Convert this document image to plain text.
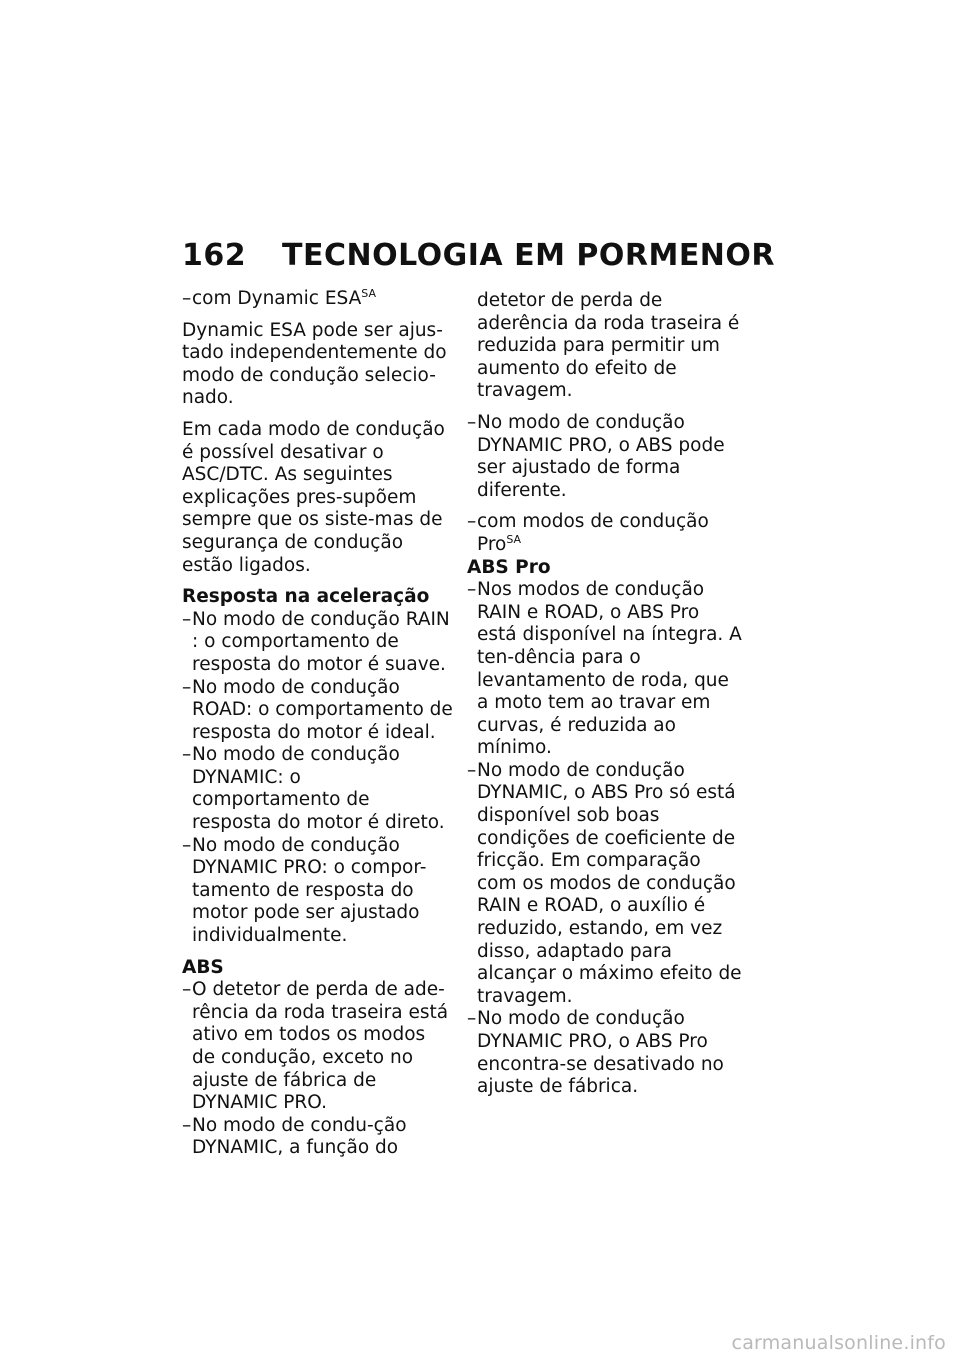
162 TECNOLOGIA EM PORMENOR

– com Dynamic $ESA^{SA}$

Dynamic ESA pode ser ajus-tado independentemente do modo de condução selecio-nado.

Em cada modo de condução é possível desativar o ASC/DTC. As seguintes explicações pres-supõem sempre que os siste-mas de segurança de condução estão ligados.

Resposta na aceleração

– No modo de condução RAIN : o comportamento de resposta do motor é suave.

– No modo de condução ROAD: o comportamento de resposta do motor é ideal.

– No modo de condução DYNAMIC: o comportamento de resposta do motor é direto.

– No modo de condução DYNAMIC PRO: o compor-tamento de resposta do motor pode ser ajustado individualmente.

ABS

– O detetor de perda de ade-rência da roda traseira está ativo em todos os modos de condução, exceto no ajuste de fábrica de DYNAMIC PRO.

– No modo de condu-ção DYNAMIC, a função do

detetor de perda de aderência da roda traseira é reduzida para permitir um aumento do efeito de travagem.

– No modo de condução DYNAMIC PRO, o ABS pode ser ajustado de forma diferente.

– com modos de condução Pro$^{SA}$

ABS Pro

– Nos modos de condução RAIN e ROAD, o ABS Pro está disponível na íntegra. A ten-dência para o levantamento de roda, que a moto tem ao travar em curvas, é reduzida ao mínimo.

– No modo de condução DYNAMIC, o ABS Pro só está disponível sob boas condições de coeficiente de fricção. Em comparação com os modos de condução RAIN e ROAD, o auxílio é reduzido, estando, em vez disso, adaptado para alcançar o máximo efeito de travagem.

– No modo de condução DYNAMIC PRO, o ABS Pro encontra-se desativado no ajuste de fábrica.

carmanualsonline.info
